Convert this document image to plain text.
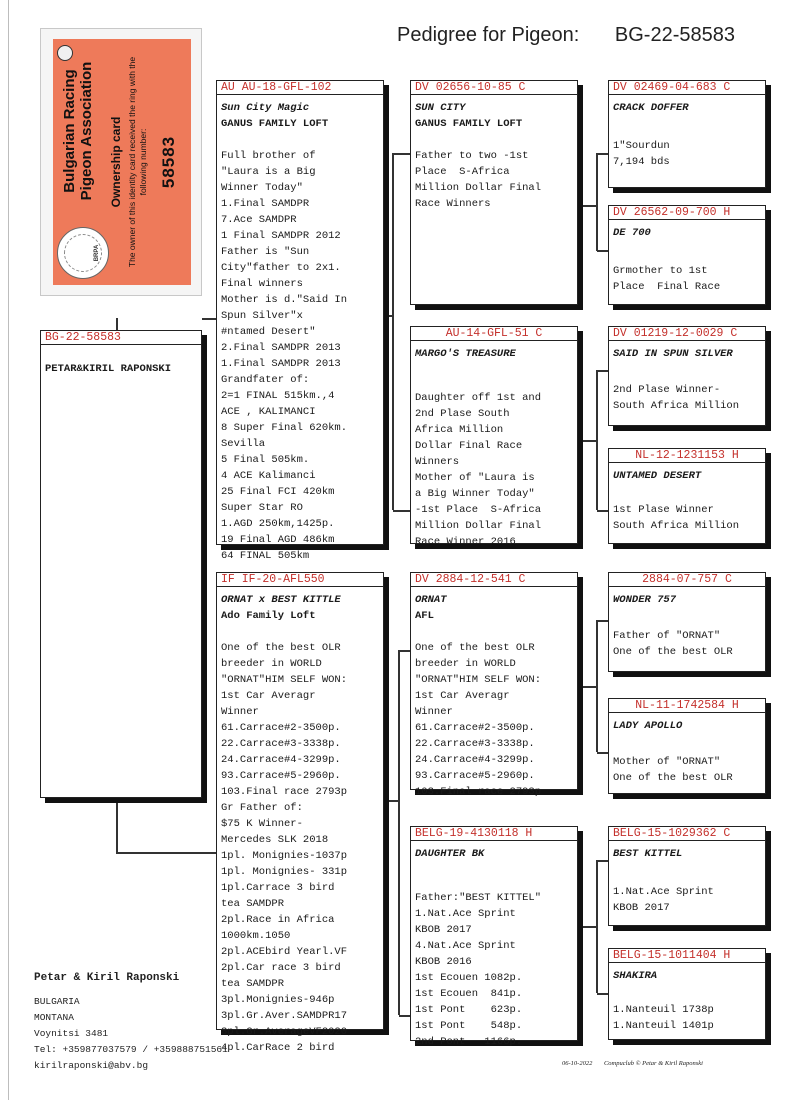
Pedigree for Pigeon: BG-22-58583
BRPA
Bulgarian Racing Pigeon Association Ownership card The owner of this identity card received the ring with the following number: 58583
BG-22-58583
PETAR&KIRIL RAPONSKI
AU AU-18-GFL-102
Sun City Magic
GANUS FAMILY LOFT
Full brother of
"Laura is a Big
Winner Today"
1.Final SAMDPR
7.Ace SAMDPR
1 Final SAMDPR 2012
Father is "Sun
City"father to 2x1.
Final winners
Mother is d."Said In
Spun Silver"x
#ntamed Desert"
2.Final SAMDPR 2013
1.Final SAMDPR 2013
Grandfater of:
2=1 FINAL 515km.,4
ACE , KALIMANCI
8 Super Final 620km.
Sevilla
5 Final 505km.
4 ACE Kalimanci
25 Final FCI 420km
Super Star RO
1.AGD 250km,1425p.
19 Final AGD 486km
64 FINAL 505km
IF IF-20-AFL550
ORNAT x BEST KITTLE
Ado Family Loft
One of the best OLR
breeder in WORLD
"ORNAT"HIM SELF WON:
1st Car Averagr
Winner
61.Carrace#2-3500p.
22.Carrace#3-3338p.
24.Carrace#4-3299p.
93.Carrace#5-2960p.
103.Final race 2793p
Gr Father of:
$75 K Winner-
Mercedes SLK 2018
1pl. Monignies-1037p
1pl. Monignies- 331p
1pl.Carrace 3 bird
tea SAMDPR
2pl.Race in Africa
1000km.1050
2pl.ACEbird Yearl.VF
2pl.Car race 3 bird
tea SAMDPR
3pl.Monignies-946p
3pl.Gr.Aver.SAMDPR17
3pl.Gr.AverageVF2020
4pl.CarRace 2 bird
DV 02656-10-85 C
SUN CITY
GANUS FAMILY LOFT
Father to two -1st
Place  S-Africa
Million Dollar Final
Race Winners
AU-14-GFL-51 C
MARGO'S TREASURE
Daughter off 1st and
2nd Plase South
Africa Million
Dollar Final Race
Winners
Mother of "Laura is
a Big Winner Today"
-1st Place  S-Africa
Million Dollar Final
Race Winner 2016
DV 2884-12-541 C
ORNAT
AFL
One of the best OLR
breeder in WORLD
"ORNAT"HIM SELF WON:
1st Car Averagr
Winner
61.Carrace#2-3500p.
22.Carrace#3-3338p.
24.Carrace#4-3299p.
93.Carrace#5-2960p.
103.Final race 2793p
BELG-19-4130118 H
DAUGHTER BK
Father:"BEST KITTEL"
1.Nat.Ace Sprint
KBOB 2017
4.Nat.Ace Sprint
KBOB 2016
1st Ecouen 1082p.
1st Ecouen  841p.
1st Pont    623p.
1st Pont    548p.
2nd Pont   1166p.
DV 02469-04-683 C
CRACK DOFFER
1"Sourdun
7,194 bds
DV 26562-09-700 H
DE 700
Grmother to 1st
Place  Final Race
DV 01219-12-0029 C
SAID IN SPUN SILVER
2nd Plase Winner-
South Africa Million
NL-12-1231153 H
UNTAMED DESERT
1st Plase Winner
South Africa Million
2884-07-757 C
WONDER 757
Father of "ORNAT"
One of the best OLR
NL-11-1742584 H
LADY APOLLO
Mother of "ORNAT"
One of the best OLR
BELG-15-1029362 C
BEST KITTEL
1.Nat.Ace Sprint
KBOB 2017
BELG-15-1011404 H
SHAKIRA
1.Nanteuil 1738p
1.Nanteuil 1401p
Petar & Kiril Raponski
BULGARIA
MONTANA
Voynitsi 3481
Tel: +359877037579 / +359888751561
kirilraponski@abv.bg	06-10-2022 Compuclub © Petar & Kiril Raponski
